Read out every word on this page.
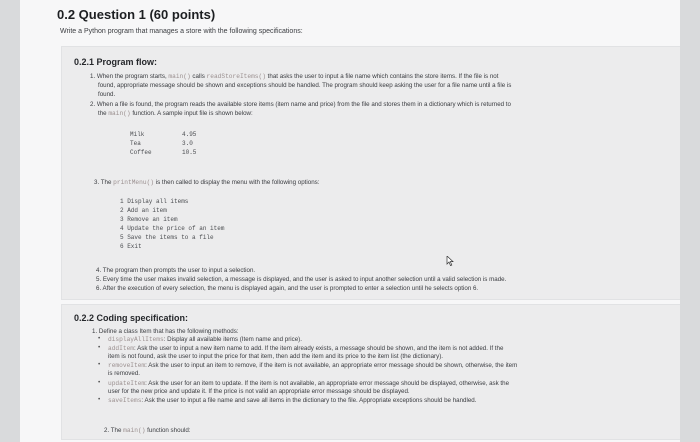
0.2 Question 1 (60 points)
Write a Python program that manages a store with the following specifications:
0.2.1 Program flow:
1. When the program starts, main() calls readStoreItems() that asks the user to input a file name which contains the store items. If the file is not
found, appropriate message should be shown and exceptions should be handled. The program should keep asking the user for a file name until a file is
found.
2. When a file is found, the program reads the available store items (item name and price) from the file and stores them in a dictionary which is returned to
the main() function. A sample input file is shown below:
Milk	4.95
Tea	3.0
Coffee	10.5
3. The printMenu() is then called to display the menu with the following options:
1 Display all items
2 Add an item
3 Remove an item
4 Update the price of an item
5 Save the items to a file
6 Exit
4. The program then prompts the user to input a selection.
5. Every time the user makes invalid selection, a message is displayed, and the user is asked to input another selection until a valid selection is made.
6. After the execution of every selection, the menu is displayed again, and the user is prompted to enter a selection until he selects option 6.
0.2.2 Coding specification:
1. Define a class Item that has the following methods:
• displayAllItems: Display all available items (Item name and price).
• addItem: Ask the user to input a new item name to add. If the item already exists, a message should be shown, and the item is not added. If the
item is not found, ask the user to input the price for that item, then add the item and its price to the item list (the dictionary).
• removeItem: Ask the user to input an item to remove, if the item is not available, an appropriate error message should be shown, otherwise, the item
is removed.
• updateItem: Ask the user for an item to update. If the item is not available, an appropriate error message should be displayed, otherwise, ask the
user for the new price and update it. If the price is not valid an appropriate error message should be displayed.
• saveItems: Ask the user to input a file name and save all items in the dictionary to the file. Appropriate exceptions should be handled.
2. The main() function should:
